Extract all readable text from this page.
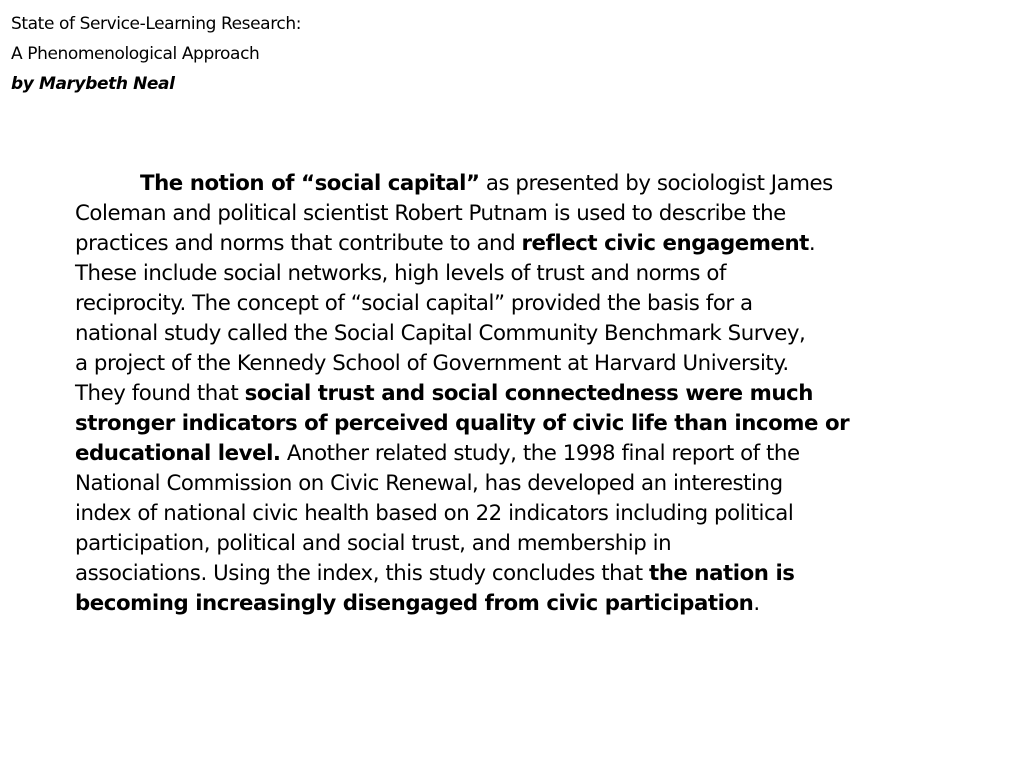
State of Service-Learning Research:
A Phenomenological Approach
by Marybeth Neal
The notion of “social capital” as presented by sociologist James
Coleman and political scientist Robert Putnam is used to describe the
practices and norms that contribute to and reflect civic engagement.
These include social networks, high levels of trust and norms of
reciprocity. The concept of “social capital” provided the basis for a
national study called the Social Capital Community Benchmark Survey,
a project of the Kennedy School of Government at Harvard University.
They found that social trust and social connectedness were much
stronger indicators of perceived quality of civic life than income or
educational level. Another related study, the 1998 final report of the
National Commission on Civic Renewal, has developed an interesting
index of national civic health based on 22 indicators including political
participation, political and social trust, and membership in
associations. Using the index, this study concludes that the nation is
becoming increasingly disengaged from civic participation.
